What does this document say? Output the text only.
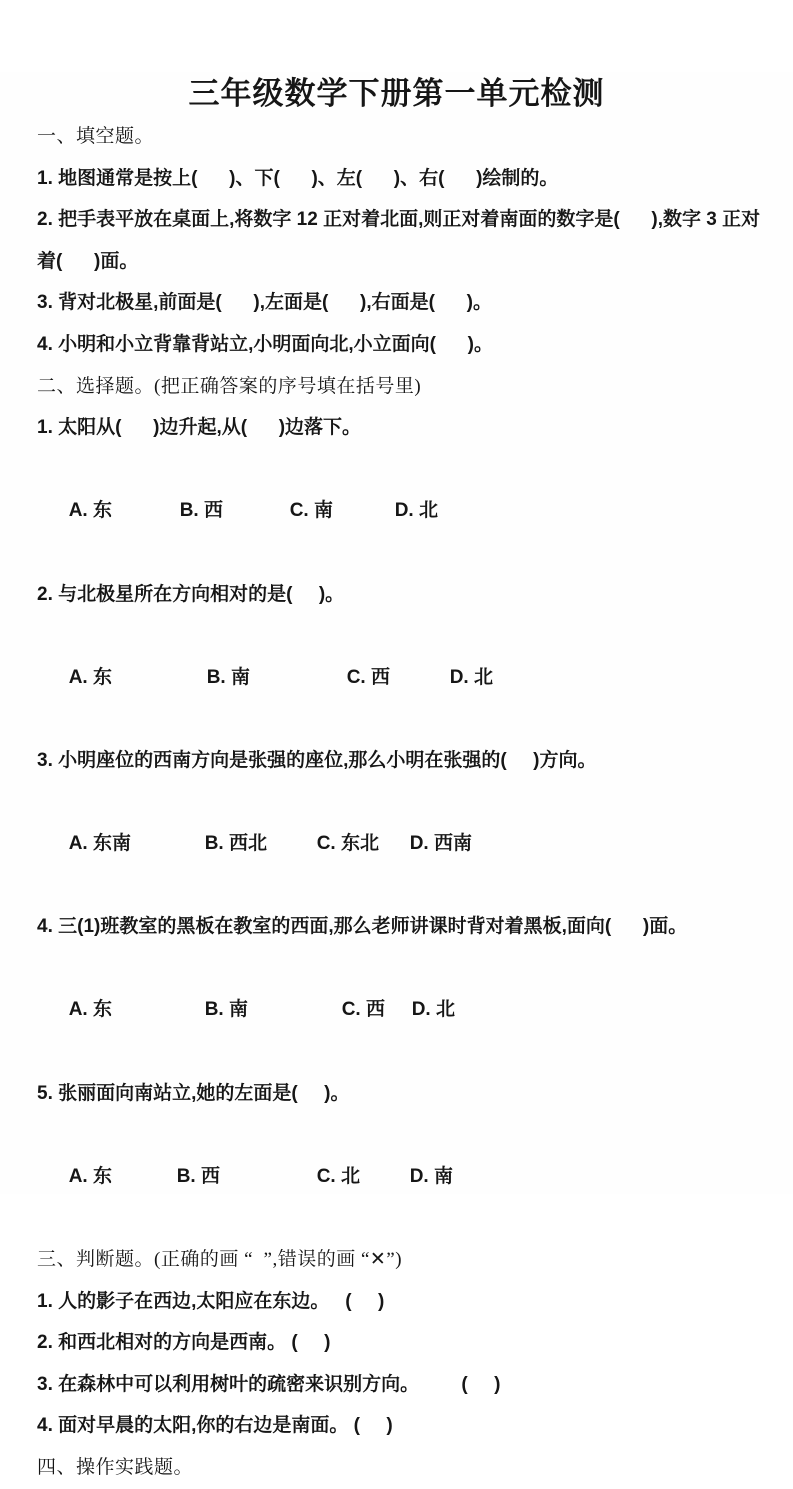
三年级数学下册第一单元检测

一、填空题。

1. 地图通常是按上(      )、下(      )、左(      )、右(      )绘制的。

2. 把手表平放在桌面上,将数字 12 正对着北面,则正对着南面的数字是(      ),数字 3 正对着(      )面。

3. 背对北极星,前面是(      ),左面是(      ),右面是(      )。

4. 小明和小立背靠背站立,小明面向北,小立面向(      )。

二、选择题。(把正确答案的序号填在括号里)

1. 太阳从(      )边升起,从(      )边落下。

A. 东	B. 西	C. 南	D. 北

2. 与北极星所在方向相对的是(     )。

A. 东	B. 南	C. 西	D. 北

3. 小明座位的西南方向是张强的座位,那么小明在张强的(     )方向。

A. 东南	B. 西北	C. 东北 D. 西南

4. 三(1)班教室的黑板在教室的西面,那么老师讲课时背对着黑板,面向(      )面。

A. 东	B. 南	C. 西 D. 北

5. 张丽面向南站立,她的左面是(     )。

A. 东	B. 西	C. 北	D. 南

三、判断题。(正确的画 “  ”,错误的画 “✕”)

1. 人的影子在西边,太阳应在东边。   (     )

2. 和西北相对的方向是西南。 (     )

3. 在森林中可以利用树叶的疏密来识别方向。        (     )

4. 面对早晨的太阳,你的右边是南面。 (     )

四、操作实践题。
